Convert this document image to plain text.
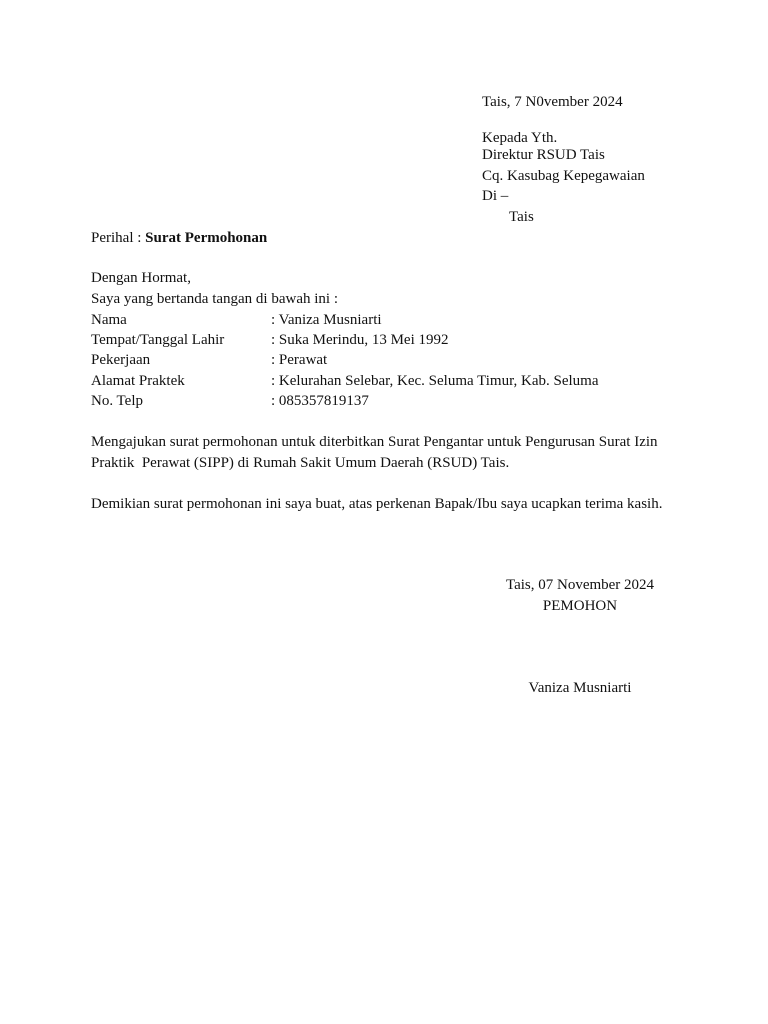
Tais, 7 N0vember 2024
Kepada Yth.
Direktur RSUD Tais
Cq. Kasubag Kepegawaian
Di –
Tais
Perihal : Surat Permohonan
Dengan Hormat,
Saya yang bertanda tangan di bawah ini :
Nama	: Vaniza Musniarti
Tempat/Tanggal Lahir	: Suka Merindu, 13 Mei 1992
Pekerjaan	: Perawat
Alamat Praktek	: Kelurahan Selebar, Kec. Seluma Timur, Kab. Seluma
No. Telp	: 085357819137
Mengajukan surat permohonan untuk diterbitkan Surat Pengantar untuk Pengurusan Surat Izin
Praktik  Perawat (SIPP) di Rumah Sakit Umum Daerah (RSUD) Tais.
Demikian surat permohonan ini saya buat, atas perkenan Bapak/Ibu saya ucapkan terima kasih.
Tais, 07 November 2024
PEMOHON
Vaniza Musniarti
